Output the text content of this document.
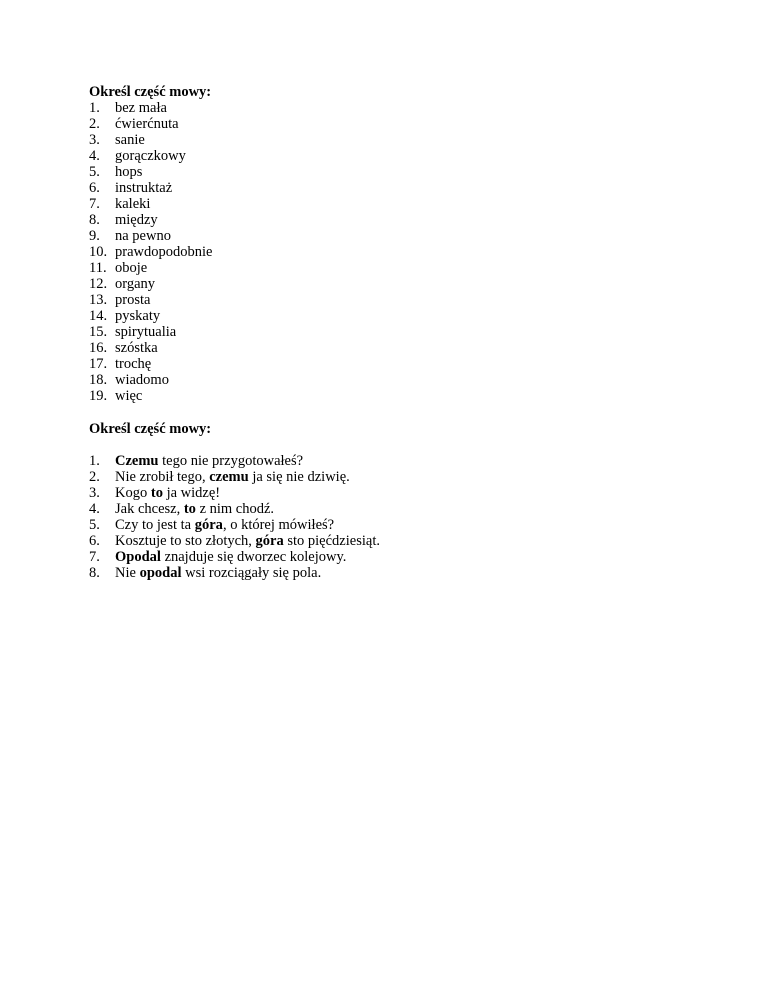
Określ część mowy:

1.	bez mała
2.	ćwierćnuta
3.	sanie
4.	gorączkowy
5.	hops
6.	instruktaż
7.	kaleki
8.	między
9.	na pewno
10. prawdopodobnie
11. oboje
12. organy
13. prosta
14. pyskaty
15. spirytualia
16. szóstka
17. trochę
18. wiadomo
19. więc

Określ część mowy:

1.	Czemu tego nie przygotowałeś?
2.	Nie zrobił tego, czemu ja się nie dziwię.
3.	Kogo to ja widzę!
4.	Jak chcesz, to z nim chodź.
5.	Czy to jest ta góra, o której mówiłeś?
6.	Kosztuje to sto złotych, góra sto pięćdziesiąt.
7.	Opodal znajduje się dworzec kolejowy.
8.	Nie opodal wsi rozciągały się pola.
